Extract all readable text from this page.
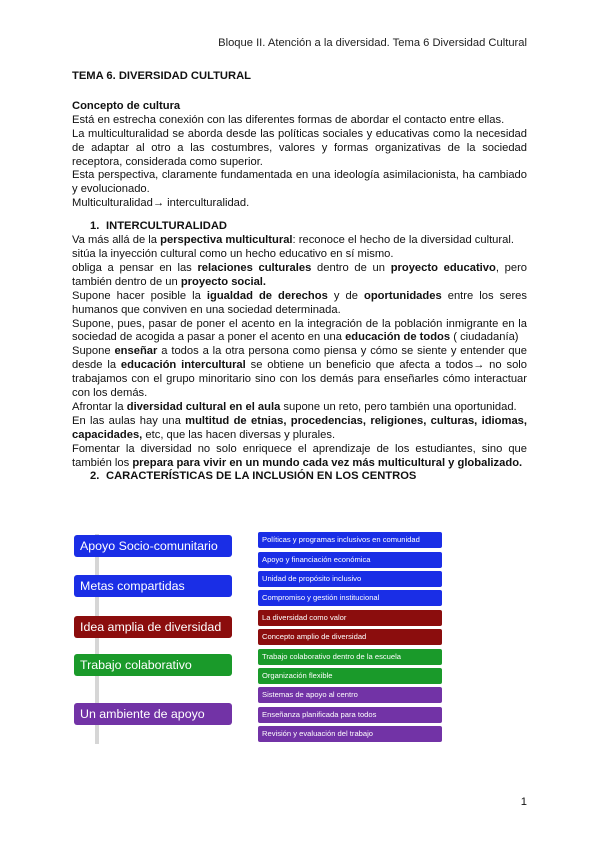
Bloque II. Atención a la diversidad. Tema 6 Diversidad Cultural

TEMA 6. DIVERSIDAD CULTURAL

Concepto de cultura

Está en estrecha conexión con las diferentes formas de abordar el contacto entre ellas.

La multiculturalidad se aborda desde las políticas sociales y educativas como la necesidad de adaptar al otro a las costumbres, valores y formas organizativas de la sociedad receptora, considerada como superior.

Esta perspectiva, claramente fundamentada en una ideología asimilacionista, ha cambiado y evolucionado.

Multiculturalidad→ interculturalidad.

1. INTERCULTURALIDAD

Va más allá de la perspectiva multicultural: reconoce el hecho de la diversidad cultural.

sitúa la inyección cultural como un hecho educativo en sí mismo.

obliga a pensar en las relaciones culturales dentro de un proyecto educativo, pero también dentro de un proyecto social.

Supone hacer posible la igualdad de derechos y de oportunidades entre los seres humanos que conviven en una sociedad determinada.

Supone, pues, pasar de poner el acento en la integración de la población inmigrante en la sociedad de acogida a pasar a poner el acento en una educación de todos ( ciudadanía)

Supone enseñar a todos a la otra persona como piensa y cómo se siente y entender que desde la educación intercultural se obtiene un beneficio que afecta a todos→ no solo trabajamos con el grupo minoritario sino con los demás para enseñarles cómo interactuar con los demás.

Afrontar la diversidad cultural en el aula supone un reto, pero también una oportunidad.

En las aulas hay una multitud de etnias, procedencias, religiones, culturas, idiomas, capacidades, etc, que las hacen diversas y plurales.

Fomentar la diversidad no solo enriquece el aprendizaje de los estudiantes, sino que también los prepara para vivir en un mundo cada vez más multicultural y globalizado.

2. CARACTERÍSTICAS DE LA INCLUSIÓN EN LOS CENTROS

Apoyo Socio-comunitario
Metas compartidas
Idea amplia de diversidad
Trabajo colaborativo
Un ambiente de apoyo
Políticas y programas inclusivos en comunidad
Apoyo y financiación económica
Unidad de propósito inclusivo
Compromiso y gestión institucional
La diversidad como valor
Concepto amplio de diversidad
Trabajo colaborativo dentro de la escuela
Organización flexible
Sistemas de apoyo al centro
Enseñanza planificada para todos
Revisión y evaluación del trabajo
1
